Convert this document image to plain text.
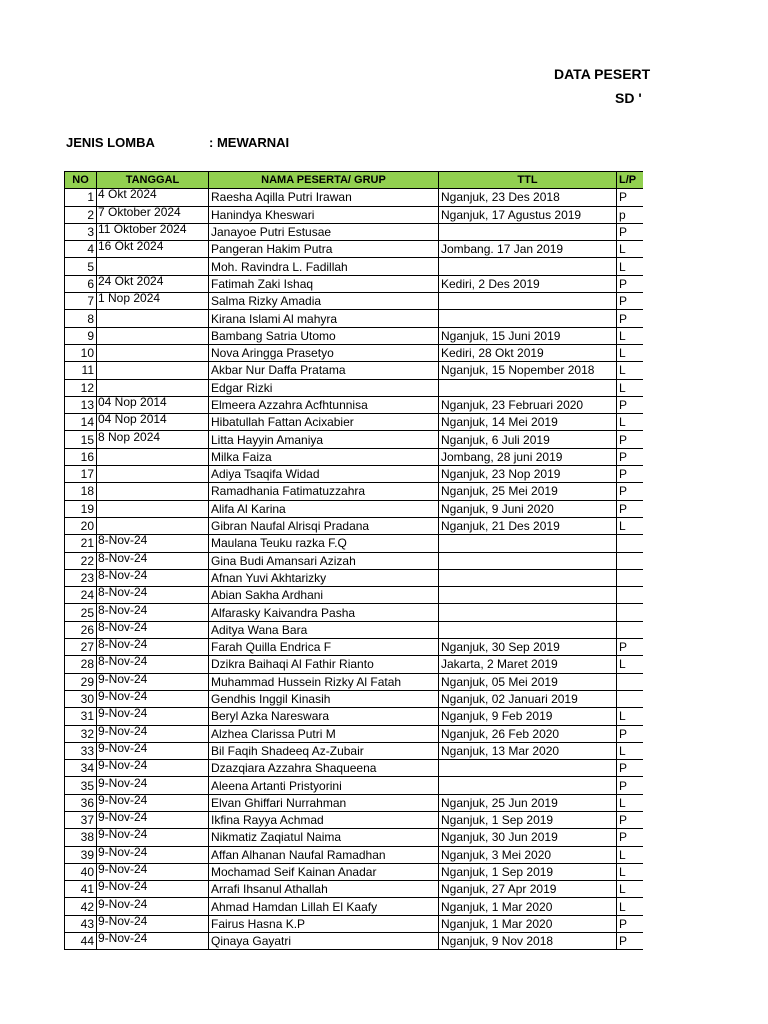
DATA PESERT
SD '
JENIS LOMBA	: MEWARNAI
NO	TANGGAL	NAMA PESERTA/ GRUP	TTL	L/P
1	4 Okt 2024	Raesha Aqilla Putri Irawan	Nganjuk, 23 Des 2018	P
2	7 Oktober 2024	Hanindya Kheswari	Nganjuk, 17 Agustus 2019	p
3	11 Oktober 2024	Janayoe Putri Estusae		P
4	16 Okt 2024	Pangeran Hakim Putra	Jombang. 17 Jan 2019	L
5		Moh. Ravindra L. Fadillah		L
6	24 Okt 2024	Fatimah Zaki Ishaq	Kediri, 2 Des 2019	P
7	1 Nop 2024	Salma Rizky Amadia		P
8		Kirana Islami Al mahyra		P
9		Bambang Satria Utomo	Nganjuk, 15 Juni 2019	L
10		Nova Aringga Prasetyo	Kediri, 28 Okt 2019	L
11		Akbar Nur Daffa Pratama	Nganjuk, 15 Nopember 2018	L
12		Edgar Rizki		L
13	04 Nop 2014	Elmeera Azzahra Acfhtunnisa	Nganjuk, 23 Februari 2020	P
14	04 Nop 2014	Hibatullah Fattan Acixabier	Nganjuk, 14 Mei 2019	L
15	8 Nop 2024	Litta Hayyin Amaniya	Nganjuk, 6 Juli 2019	P
16		Milka Faiza	Jombang, 28 juni 2019	P
17		Adiya Tsaqifa Widad	Nganjuk, 23 Nop 2019	P
18		Ramadhania Fatimatuzzahra	Nganjuk, 25 Mei 2019	P
19		Alifa Al Karina	Nganjuk, 9 Juni 2020	P
20		Gibran Naufal Alrisqi Pradana	Nganjuk, 21 Des 2019	L
21	8-Nov-24	Maulana Teuku razka F.Q		
22	8-Nov-24	Gina Budi Amansari Azizah		
23	8-Nov-24	Afnan Yuvi Akhtarizky		
24	8-Nov-24	Abian Sakha Ardhani		
25	8-Nov-24	Alfarasky Kaivandra Pasha		
26	8-Nov-24	Aditya Wana Bara		
27	8-Nov-24	Farah Quilla Endrica F	Nganjuk, 30 Sep 2019	P
28	8-Nov-24	Dzikra Baihaqi Al Fathir Rianto	Jakarta, 2 Maret 2019	L
29	9-Nov-24	Muhammad Hussein Rizky Al Fatah	Nganjuk, 05 Mei 2019	
30	9-Nov-24	Gendhis Inggil Kinasih	Nganjuk, 02 Januari 2019	
31	9-Nov-24	Beryl Azka Nareswara	Nganjuk, 9 Feb 2019	L
32	9-Nov-24	Alzhea Clarissa Putri M	Nganjuk, 26 Feb 2020	P
33	9-Nov-24	Bil Faqih Shadeeq Az-Zubair	Nganjuk, 13 Mar 2020	L
34	9-Nov-24	Dzazqiara Azzahra Shaqueena		P
35	9-Nov-24	Aleena Artanti Pristyorini		P
36	9-Nov-24	Elvan Ghiffari Nurrahman	Nganjuk, 25 Jun 2019	L
37	9-Nov-24	Ikfina Rayya Achmad	Nganjuk, 1 Sep 2019	P
38	9-Nov-24	Nikmatiz Zaqiatul Naima	Nganjuk, 30 Jun 2019	P
39	9-Nov-24	Affan Alhanan Naufal Ramadhan	Nganjuk, 3 Mei 2020	L
40	9-Nov-24	Mochamad Seif Kainan Anadar	Nganjuk, 1 Sep 2019	L
41	9-Nov-24	Arrafi Ihsanul Athallah	Nganjuk, 27 Apr 2019	L
42	9-Nov-24	Ahmad Hamdan Lillah El Kaafy	Nganjuk, 1 Mar 2020	L
43	9-Nov-24	Fairus Hasna K.P	Nganjuk, 1 Mar 2020	P
44	9-Nov-24	Qinaya Gayatri	Nganjuk, 9 Nov 2018	P
